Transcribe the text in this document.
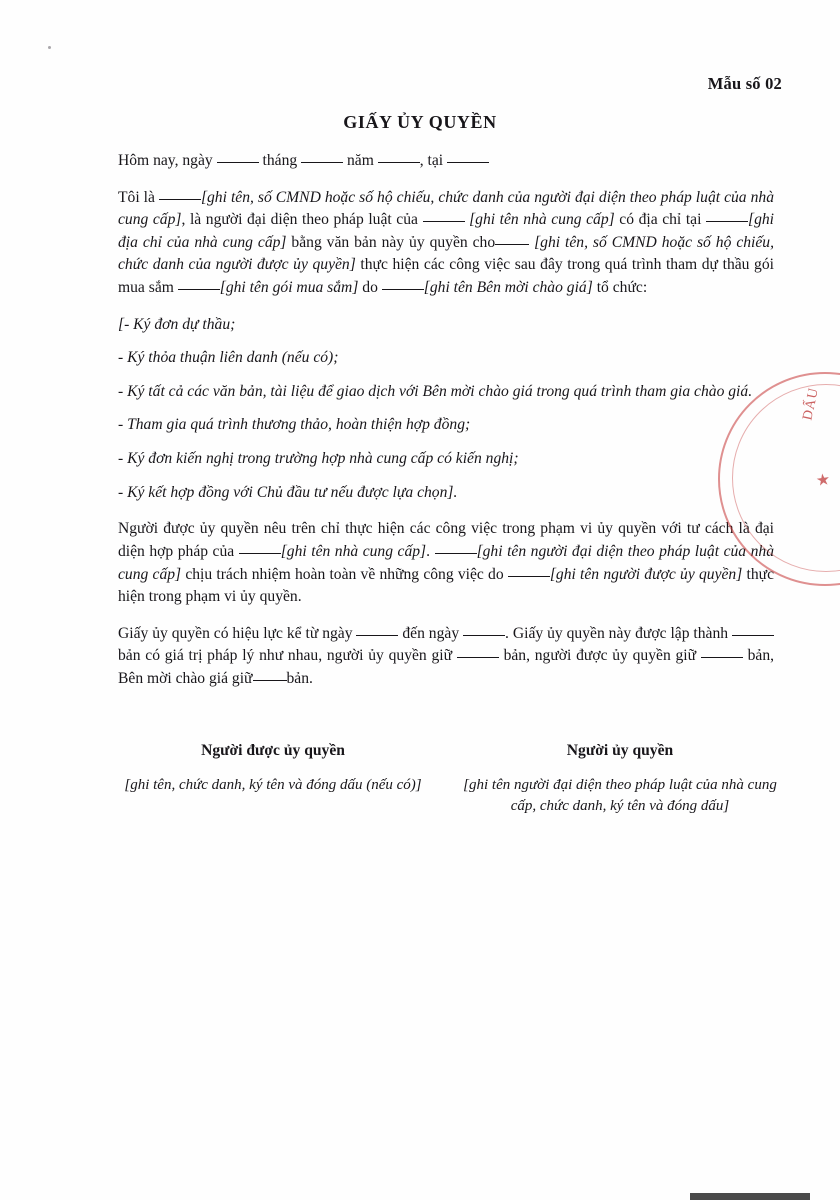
Mẫu số 02
GIẤY ỦY QUYỀN

Hôm nay, ngày	tháng	năm	, tại

Tôi là	[ghi tên, số CMND hoặc số hộ chiếu, chức danh của người đại diện theo pháp luật của nhà cung cấp], là người đại diện theo pháp luật của	[ghi tên nhà cung cấp] có địa chỉ tại	[ghi địa chỉ của nhà cung cấp] bằng văn bản này ủy quyền cho [ghi tên, số CMND hoặc số hộ chiếu, chức danh của người được ủy quyền] thực hiện các công việc sau đây trong quá trình tham dự thầu gói mua sắm	[ghi tên gói mua sắm] do	[ghi tên Bên mời chào giá] tổ chức:

[- Ký đơn dự thầu;

- Ký thỏa thuận liên danh (nếu có);

- Ký tất cả các văn bản, tài liệu để giao dịch với Bên mời chào giá trong quá trình tham gia chào giá.

- Tham gia quá trình thương thảo, hoàn thiện hợp đồng;

- Ký đơn kiến nghị trong trường hợp nhà cung cấp có kiến nghị;

- Ký kết hợp đồng với Chủ đầu tư nếu được lựa chọn].

Người được ủy quyền nêu trên chỉ thực hiện các công việc trong phạm vi ủy quyền với tư cách là đại diện hợp pháp của	[ghi tên nhà cung cấp].	[ghi tên người đại diện theo pháp luật của nhà cung cấp] chịu trách nhiệm hoàn toàn về những công việc do	[ghi tên người được ủy quyền] thực hiện trong phạm vi ủy quyền.

Giấy ủy quyền có hiệu lực kể từ ngày	đến ngày	. Giấy ủy quyền này được lập thành  bản có giá trị pháp lý như nhau, người ủy quyền giữ	bản, người được ủy quyền giữ	bản, Bên mời chào giá giữ bản.

Người được ủy quyền
[ghi tên, chức danh, ký tên và đóng dấu (nếu có)]
Người ủy quyền
[ghi tên người đại diện theo pháp luật của nhà cung cấp, chức danh, ký tên và đóng dấu]
DẤU
★
